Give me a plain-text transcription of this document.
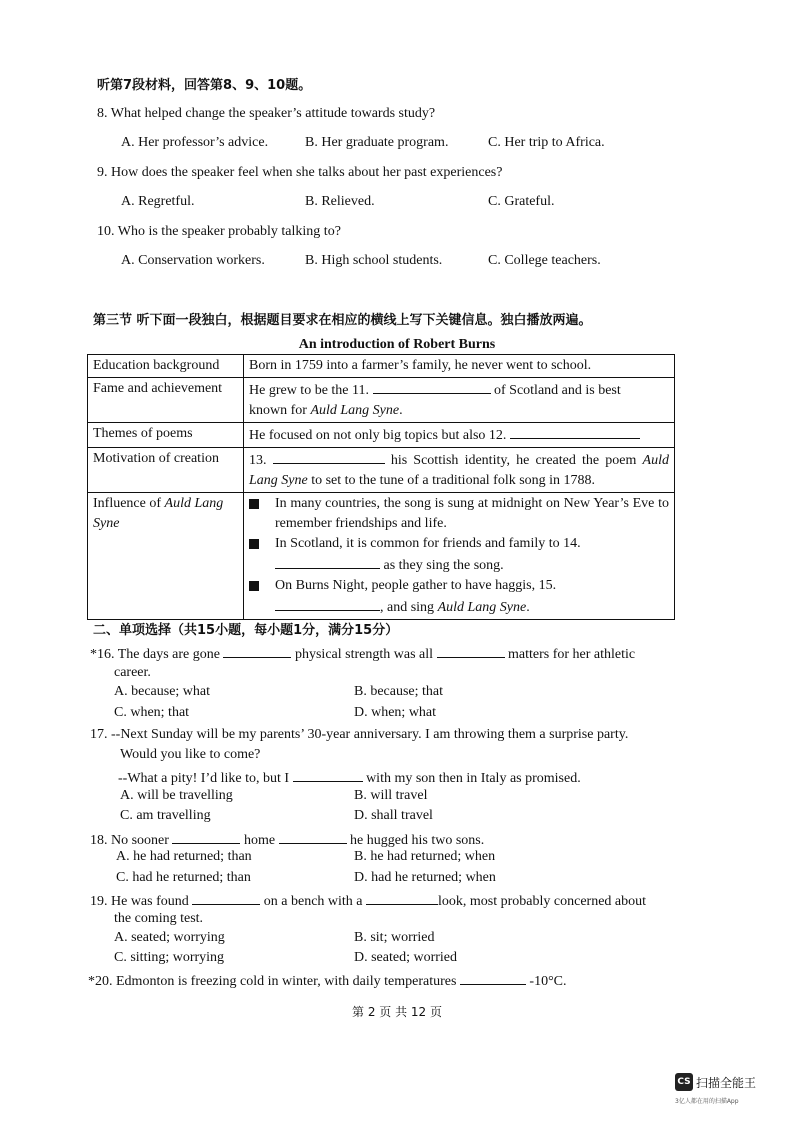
听第7段材料，回答第8、9、10题。
8. What helped change the speaker’s attitude towards study?
A. Her professor’s advice.	B. Her graduate program.	C. Her trip to Africa.
9. How does the speaker feel when she talks about her past experiences?
A. Regretful.	B. Relieved.	C. Grateful.
10. Who is the speaker probably talking to?
A. Conservation workers.	B. High school students.	C. College teachers.
第三节 听下面一段独白，根据题目要求在相应的横线上写下关键信息。独白播放两遍。
An introduction of Robert Burns
Education background	Born in 1759 into a farmer’s family, he never went to school.
Fame and achievement	He grew to be the 11. of Scotland and is best
known for Auld Lang Syne.
Themes of poems	He focused on not only big topics but also 12.
Motivation of creation	13. his Scottish identity, he created the poem Auld Lang Syne to set to the tune of a traditional folk song in 1788.
Influence of Auld Lang Syne	In many countries, the song is sung at midnight on New Year’s Eve to remember friendships and life.
In Scotland, it is common for friends and family to 14.
as they sing the song.
On Burns Night, people gather to have haggis, 15.
, and sing Auld Lang Syne.
二、单项选择（共15小题，每小题1分，满分15分）
*16. The days are gone	physical strength was all	matters for her athletic
career.
A. because; what	B. because; that
C. when; that	D. when; what
17. --Next Sunday will be my parents’ 30-year anniversary. I am throwing them a surprise party.
Would you like to come?
--What a pity! I’d like to, but I	with my son then in Italy as promised.
A. will be travelling	B. will travel
C. am travelling	D. shall travel
18. No sooner	home	he hugged his two sons.
A. he had returned; than	B. he had returned; when
C. had he returned; than	D. had he returned; when
19. He was found	on a bench with a	look, most probably concerned about
the coming test.
A. seated; worrying	B. sit; worried
C. sitting; worrying	D. seated; worried
*20. Edmonton is freezing cold in winter, with daily temperatures	-10°C.
第 2 页 共 12 页
CS 扫描全能王
3亿人都在用的扫描App
